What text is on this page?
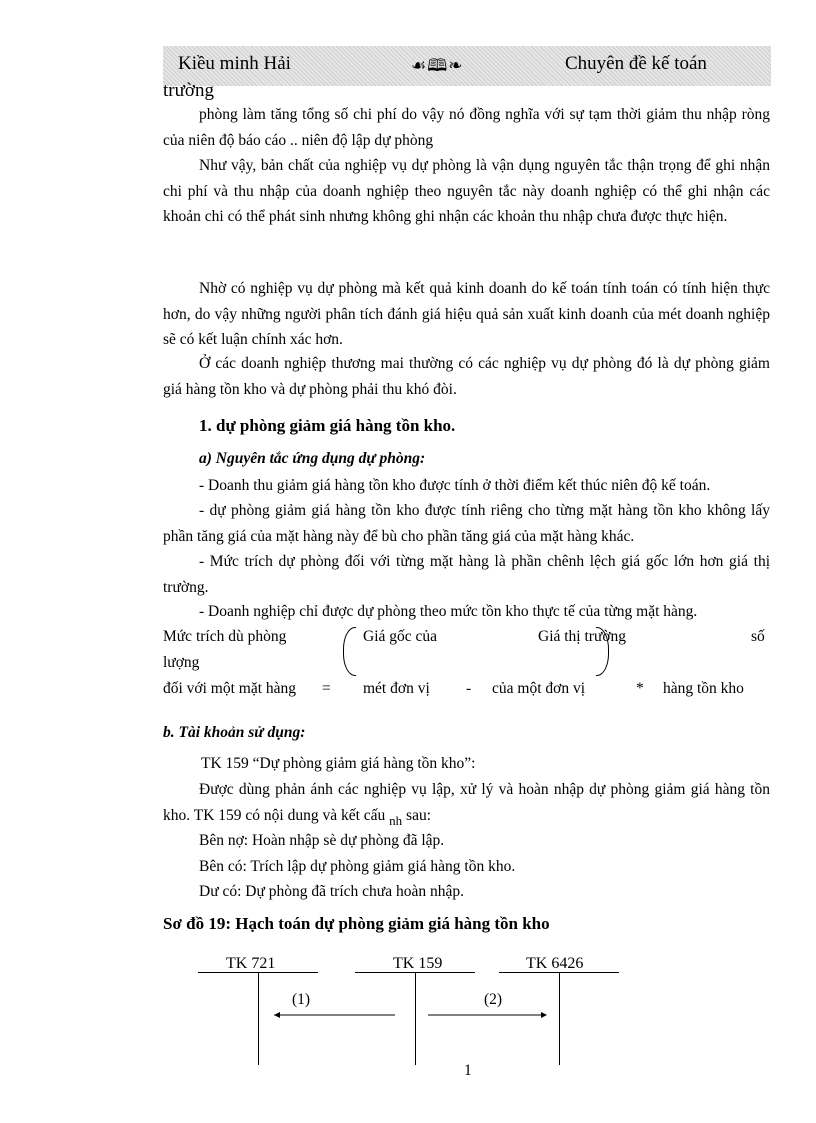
Kiều minh Hải	☙🕮❧	Chuyên đề kế toán
trường
phòng làm tăng tổng số chi phí do vậy nó đồng nghĩa với sự tạm thời giảm thu nhập ròng của niên độ báo cáo .. niên độ lập dự phòng
Như vậy, bản chất của nghiệp vụ dự phòng là vận dụng nguyên tắc thận trọng để ghi nhận chi phí và thu nhập của doanh nghiệp theo nguyên tắc này doanh nghiệp có thể ghi nhận các khoản chi có thể phát sinh nhưng không ghi nhận các khoản thu nhập chưa được thực hiện.
Nhờ có nghiệp vụ dự phòng mà kết quả kinh doanh do kế toán tính toán có tính hiện thực hơn, do vậy những người phân tích đánh giá hiệu quả sản xuất kinh doanh của mét doanh nghiệp sẽ có kết luận chính xác hơn.
Ở các doanh nghiệp thương mai thường có các nghiệp vụ dự phòng đó là dự phòng giảm giá hàng tồn kho và dự phòng phải thu khó đòi.
1. dự phòng giảm giá hàng tồn kho.
a) Nguyên tắc ứng dụng dự phòng:
- Doanh thu giảm giá hàng tồn kho được tính ở thời điểm kết thúc niên độ kế toán.
- dự phòng giảm giá hàng tồn kho được tính riêng cho từng mặt hàng tồn kho không lấy phần tăng giá của mặt hàng này để bù cho phần tăng giá của mặt hàng khác.
- Mức trích dự phòng đối với từng mặt hàng là phần chênh lệch giá gốc lớn hơn giá thị trường.
- Doanh nghiệp chỉ được dự phòng theo mức tồn kho thực tế của từng mặt hàng.
Mức trích dù phòng
lượng
đối với một mặt hàng =
Giá gốc của
mét đơn vị -
Giá thị trường
của một đơn vị	*
số
hàng tồn kho
b. Tài khoản sử dụng:
TK 159 “Dự phòng giảm giá hàng tồn kho”:
Được dùng phản ánh các nghiệp vụ lập, xử lý và hoàn nhập dự phòng giảm giá hàng tồn kho. TK 159 có nội dung và kết cấu $_{nh}$ sau:
Bên nợ: Hoàn nhập sè dự phòng đã lập.
Bên có: Trích lập dự phòng giảm giá hàng tồn kho.
Dư có: Dự phòng đã trích chưa hoàn nhập.
Sơ đồ 19: Hạch toán dự phòng giảm giá hàng tồn kho
TK 721	TK 159	TK 6426
(1)	(2)
1
